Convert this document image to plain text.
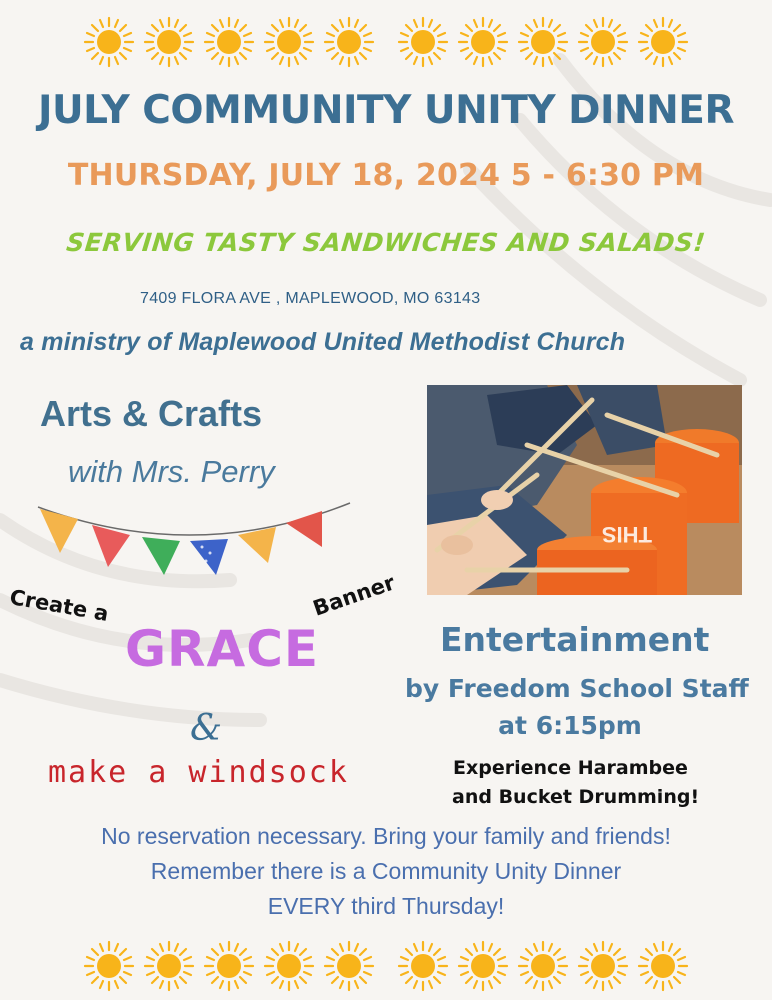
JULY COMMUNITY UNITY DINNER
THURSDAY, JULY 18, 2024 5 - 6:30 PM
SERVING TASTY SANDWICHES AND SALADS!
7409 FLORA AVE , MAPLEWOOD, MO 63143
a ministry of Maplewood United Methodist Church
Arts & Crafts
with Mrs. Perry
THIS
Create a
GRACE
Banner
&
make a windsock
Entertainment
by Freedom School Staff
at 6:15pm
Experience Harambee
and Bucket Drumming!
No reservation necessary. Bring your family and friends!
Remember there is a Community Unity Dinner
EVERY third Thursday!
